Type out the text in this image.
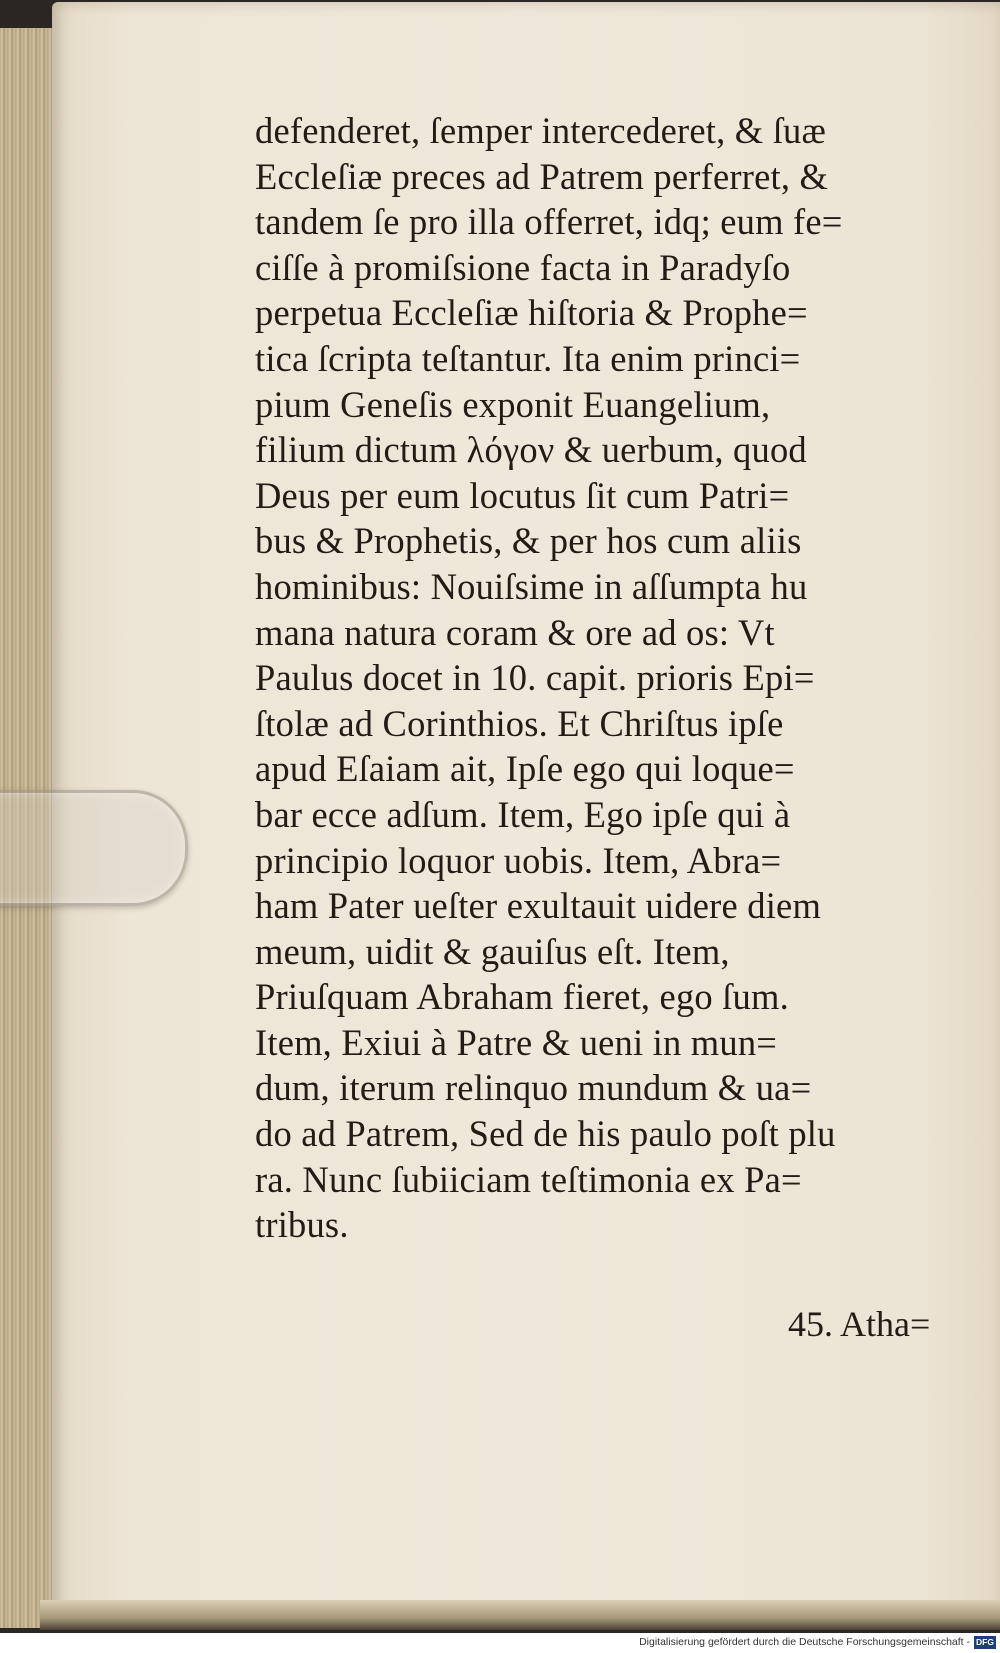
defenderet, ſemper intercederet, & ſuæ
Eccleſiæ preces ad Patrem perferret, &
tandem ſe pro illa offerret, idq; eum fe=
ciſſe à promiſsione facta in Paradyſo
perpetua Eccleſiæ hiſtoria & Prophe=
tica ſcripta teſtantur. Ita enim princi=
pium Geneſis exponit Euangelium,
filium dictum λόγον & uerbum, quod
Deus per eum locutus ſit cum Patri=
bus & Prophetis, & per hos cum aliis
hominibus: Nouiſsime in aſſumpta hu
mana natura coram & ore ad os: Vt
Paulus docet in 10. capit. prioris Epi=
ſtolæ ad Corinthios. Et Chriſtus ipſe
apud Eſaiam ait, Ipſe ego qui loque=
bar ecce adſum. Item, Ego ipſe qui à
principio loquor uobis. Item, Abra=
ham Pater ueſter exultauit uidere diem
meum, uidit & gauiſus eſt. Item,
Priuſquam Abraham fieret, ego ſum.
Item, Exiui à Patre & ueni in mun=
dum, iterum relinquo mundum & ua=
do ad Patrem, Sed de his paulo poſt plu
ra. Nunc ſubiiciam teſtimonia ex Pa=
tribus.
45. Atha=
Digitalisierung gefördert durch die Deutsche Forschungsgemeinschaft - DFG
